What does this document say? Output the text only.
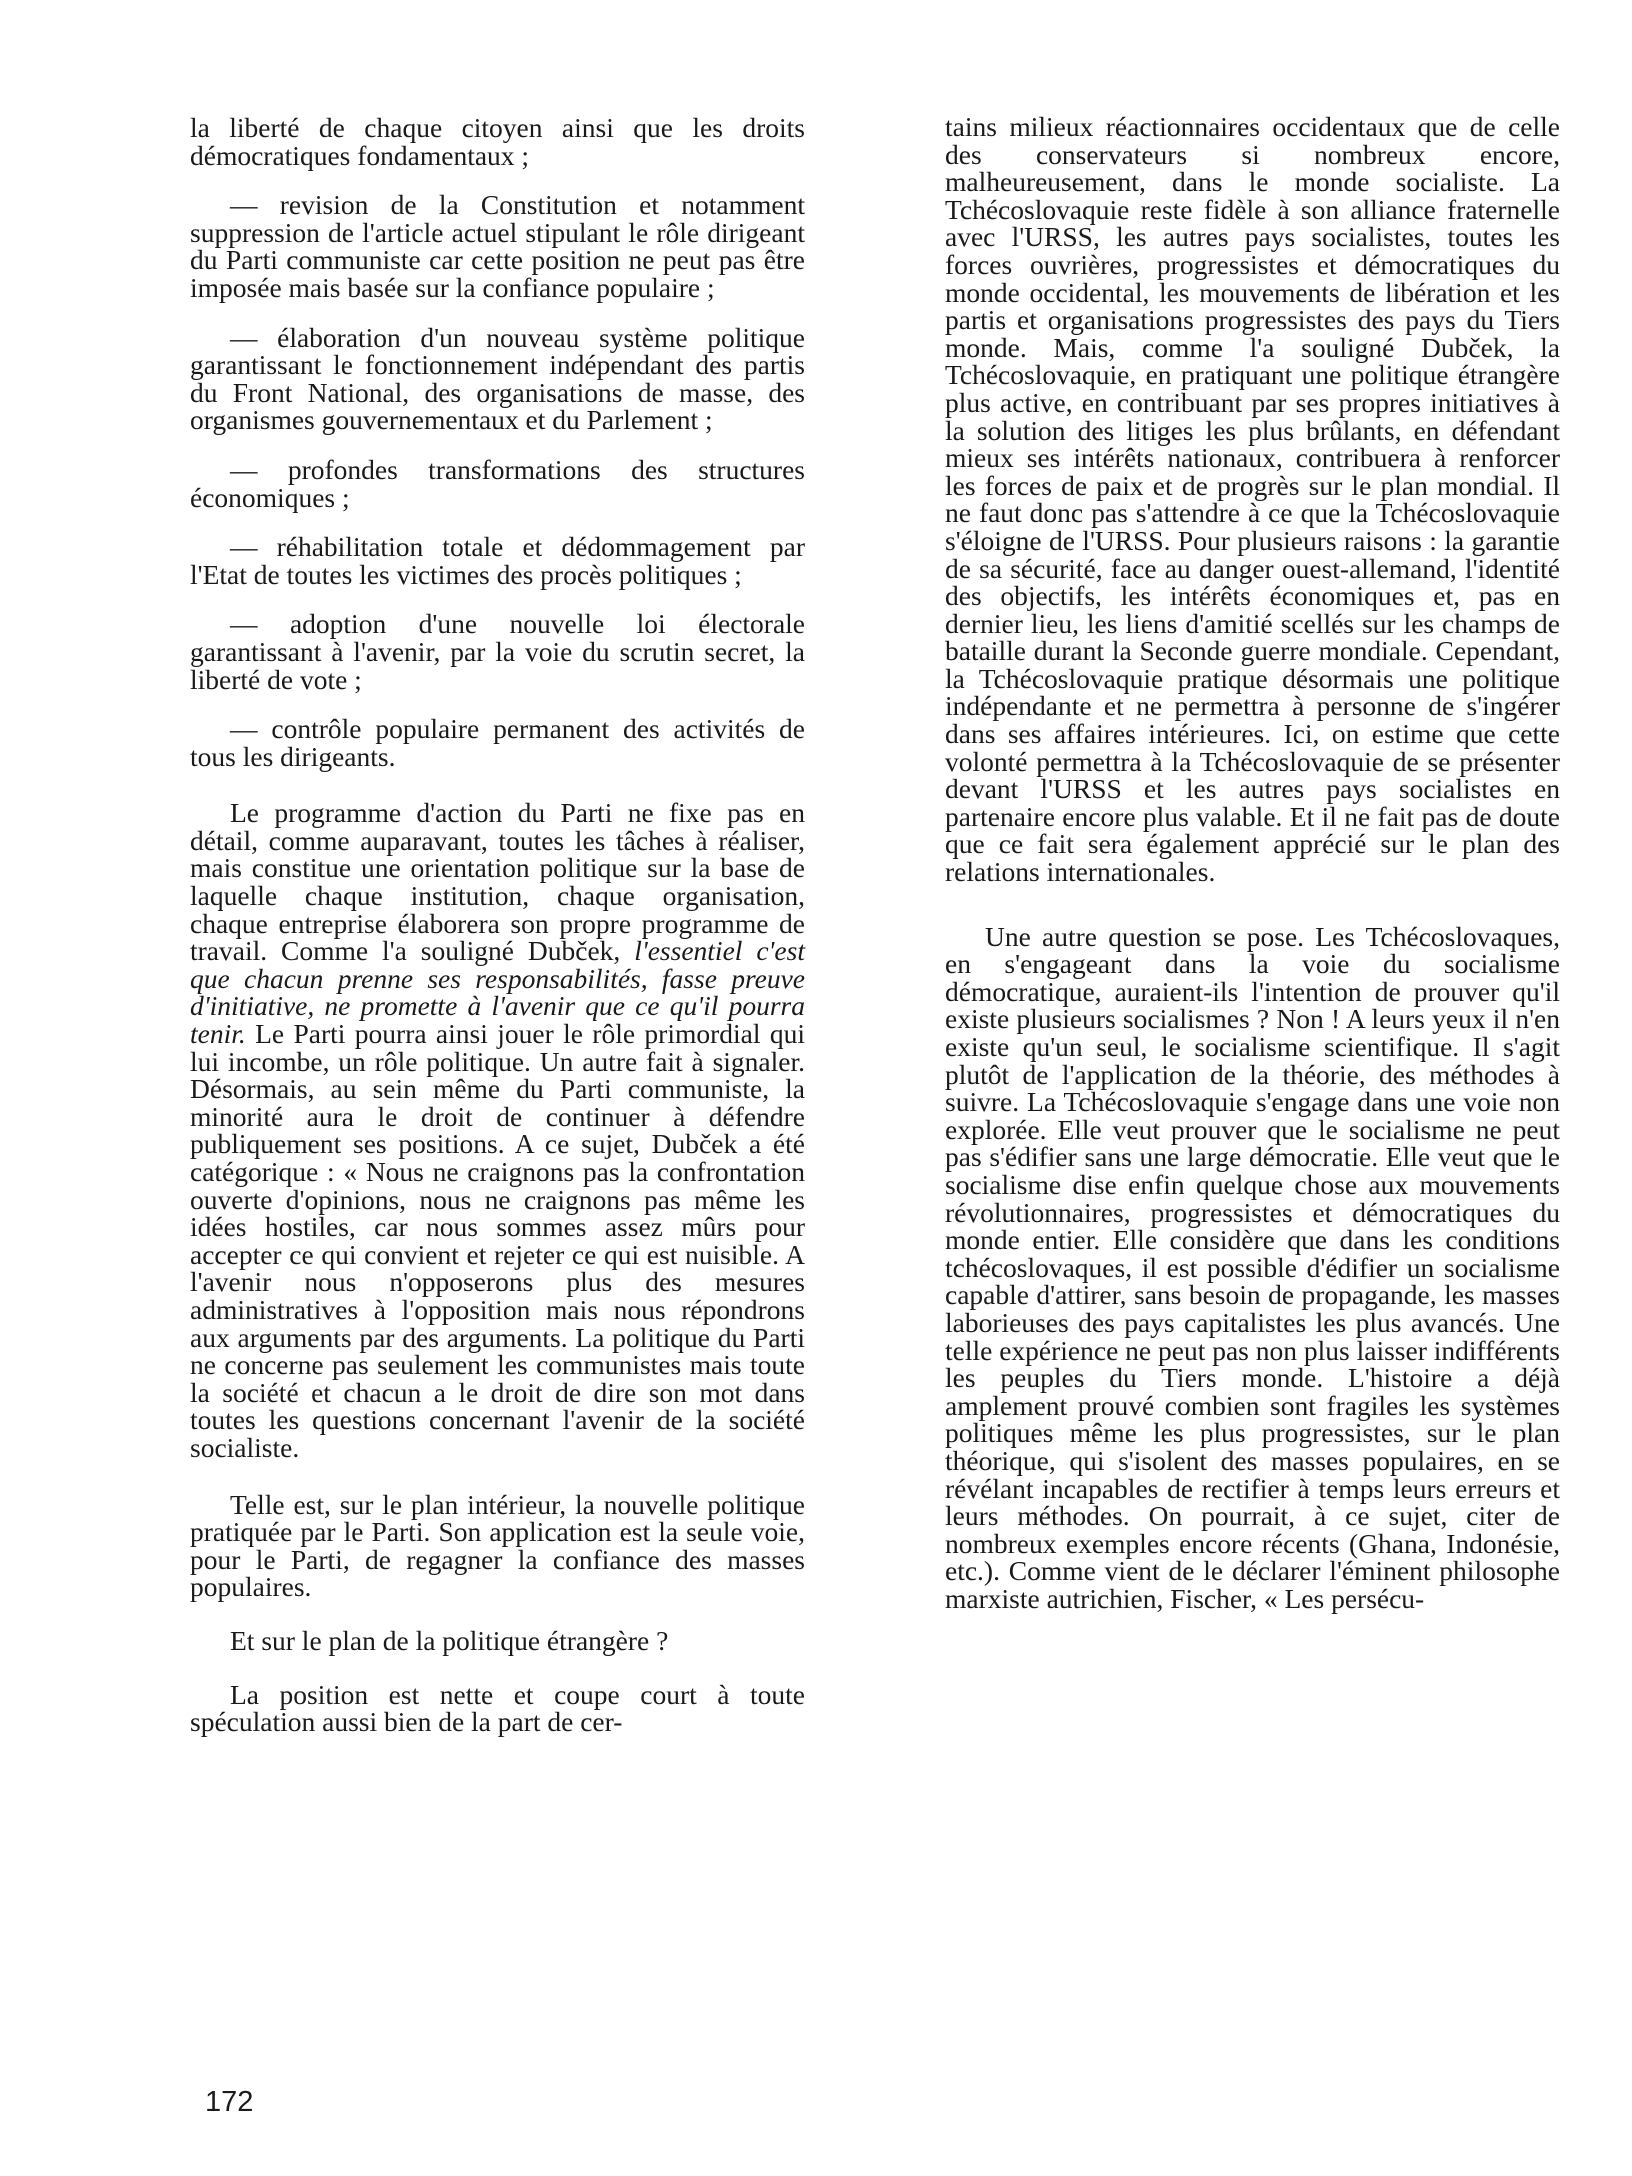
la liberté de chaque citoyen ainsi que les droits démocratiques fondamentaux ;

— revision de la Constitution et notamment suppression de l'article actuel stipulant le rôle dirigeant du Parti communiste car cette position ne peut pas être imposée mais basée sur la confiance populaire ;

— élaboration d'un nouveau système politique garantissant le fonctionnement indépendant des partis du Front National, des organisations de masse, des organismes gouvernementaux et du Parlement ;

— profondes transformations des structures économiques ;

— réhabilitation totale et dédommagement par l'Etat de toutes les victimes des procès politiques ;

— adoption d'une nouvelle loi électorale garantissant à l'avenir, par la voie du scrutin secret, la liberté de vote ;

— contrôle populaire permanent des activités de tous les dirigeants.

Le programme d'action du Parti ne fixe pas en détail, comme auparavant, toutes les tâches à réaliser, mais constitue une orientation politique sur la base de laquelle chaque institution, chaque organisation, chaque entreprise élaborera son propre programme de travail. Comme l'a souligné Dubček, l'essentiel c'est que chacun prenne ses responsabilités, fasse preuve d'initiative, ne promette à l'avenir que ce qu'il pourra tenir. Le Parti pourra ainsi jouer le rôle primordial qui lui incombe, un rôle politique. Un autre fait à signaler. Désormais, au sein même du Parti communiste, la minorité aura le droit de continuer à défendre publiquement ses positions. A ce sujet, Dubček a été catégorique : « Nous ne craignons pas la confrontation ouverte d'opinions, nous ne craignons pas même les idées hostiles, car nous sommes assez mûrs pour accepter ce qui convient et rejeter ce qui est nuisible. A l'avenir nous n'opposerons plus des mesures administratives à l'opposition mais nous répondrons aux arguments par des arguments. La politique du Parti ne concerne pas seulement les communistes mais toute la société et chacun a le droit de dire son mot dans toutes les questions concernant l'avenir de la société socialiste.

Telle est, sur le plan intérieur, la nouvelle politique pratiquée par le Parti. Son application est la seule voie, pour le Parti, de regagner la confiance des masses populaires.

Et sur le plan de la politique étrangère ?

La position est nette et coupe court à toute spéculation aussi bien de la part de cer-

tains milieux réactionnaires occidentaux que de celle des conservateurs si nombreux encore, malheureusement, dans le monde socialiste. La Tchécoslovaquie reste fidèle à son alliance fraternelle avec l'URSS, les autres pays socialistes, toutes les forces ouvrières, progressistes et démocratiques du monde occidental, les mouvements de libération et les partis et organisations progressistes des pays du Tiers monde. Mais, comme l'a souligné Dubček, la Tchécoslovaquie, en pratiquant une politique étrangère plus active, en contribuant par ses propres initiatives à la solution des litiges les plus brûlants, en défendant mieux ses intérêts nationaux, contribuera à renforcer les forces de paix et de progrès sur le plan mondial. Il ne faut donc pas s'attendre à ce que la Tchécoslovaquie s'éloigne de l'URSS. Pour plusieurs raisons : la garantie de sa sécurité, face au danger ouest-allemand, l'identité des objectifs, les intérêts économiques et, pas en dernier lieu, les liens d'amitié scellés sur les champs de bataille durant la Seconde guerre mondiale. Cependant, la Tchécoslovaquie pratique désormais une politique indépendante et ne permettra à personne de s'ingérer dans ses affaires intérieures. Ici, on estime que cette volonté permettra à la Tchécoslovaquie de se présenter devant l'URSS et les autres pays socialistes en partenaire encore plus valable. Et il ne fait pas de doute que ce fait sera également apprécié sur le plan des relations internationales.

Une autre question se pose. Les Tchécoslovaques, en s'engageant dans la voie du socialisme démocratique, auraient-ils l'intention de prouver qu'il existe plusieurs socialismes ? Non ! A leurs yeux il n'en existe qu'un seul, le socialisme scientifique. Il s'agit plutôt de l'application de la théorie, des méthodes à suivre. La Tchécoslovaquie s'engage dans une voie non explorée. Elle veut prouver que le socialisme ne peut pas s'édifier sans une large démocratie. Elle veut que le socialisme dise enfin quelque chose aux mouvements révolutionnaires, progressistes et démocratiques du monde entier. Elle considère que dans les conditions tchécoslovaques, il est possible d'édifier un socialisme capable d'attirer, sans besoin de propagande, les masses laborieuses des pays capitalistes les plus avancés. Une telle expérience ne peut pas non plus laisser indifférents les peuples du Tiers monde. L'histoire a déjà amplement prouvé combien sont fragiles les systèmes politiques même les plus progressistes, sur le plan théorique, qui s'isolent des masses populaires, en se révélant incapables de rectifier à temps leurs erreurs et leurs méthodes. On pourrait, à ce sujet, citer de nombreux exemples encore récents (Ghana, Indonésie, etc.). Comme vient de le déclarer l'éminent philosophe marxiste autrichien, Fischer, « Les persécu-

172
